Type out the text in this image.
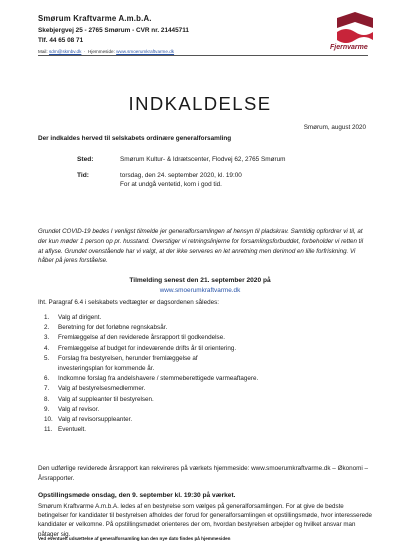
Smørum Kraftvarme A.m.b.A.
Skebjergvej 25 - 2765 Smørum - CVR nr. 21445711
Tlf. 44 65 08 71
Mail: sdm@skmbv.dk  ·  Hjemmeside: www.smoerumkraftvarme.dk
Fjernvarme
INDKALDELSE
Smørum, august 2020
Der indkaldes herved til selskabets ordinære generalforsamling
Sted:	Smørum Kultur- & Idrætscenter, Flodvej 62, 2765 Smørum
Tid:	torsdag, den 24. september 2020, kl. 19:00
For at undgå ventetid, kom i god tid.
Grundet COVID-19 bedes I venligst tilmelde jer generalforsamlingen af hensyn til pladskrav. Samtidig opfordrer vi til, at der kun møder 1 person op pr. husstand. Overstiger vi retningslinjerne for forsamlingsforbuddet, forbeholder vi retten til at aflyse. Grundet ovenstående har vi valgt, at der ikke serveres en let anretning men derimod en lille forfriskning. Vi håber på jeres forståelse.
Tilmelding senest den 21. september 2020 på
www.smoerumkraftvarme.dk
Iht. Paragraf 6.4 i selskabets vedtægter er dagsordenen således:
1.	Valg af dirigent.
2.	Beretning for det forløbne regnskabsår.
3.	Fremlæggelse af den reviderede årsrapport til godkendelse.
4.	Fremlæggelse af budget for indeværende drifts år til orientering.
5.	Forslag fra bestyrelsen, herunder fremlæggelse af
investeringsplan for kommende år.
6.	Indkomne forslag fra andelshavere / stemmeberettigede varmeaftagere.
7.	Valg af bestyrelsesmedlemmer.
8.	Valg af suppleanter til bestyrelsen.
9.	Valg af revisor.
10. Valg af revisorsuppleanter.
11. Eventuelt.
Den udførlige reviderede årsrapport kan rekvireres på værkets hjemmeside: www.smoerumkraftvarme.dk – Økonomi – Årsrapporter.
Opstillingsmøde onsdag, den 9. september kl. 19:30 på værket.
Smørum Kraftvarme A.m.b.A. ledes af en bestyrelse som vælges på generalforsamlingen. For at give de bedste betingelser for kandidater til bestyrelsen afholdes der forud for generalforsamlingen et opstillingsmøde, hvor interesserede kandidater er velkomne. På opstillingsmødet orienteres der om, hvordan bestyrelsen arbejder og hvilket ansvar man påtager sig.
Ved eventuelt udsættelse af generalforsamling kan den nye dato findes på hjemmesiden
